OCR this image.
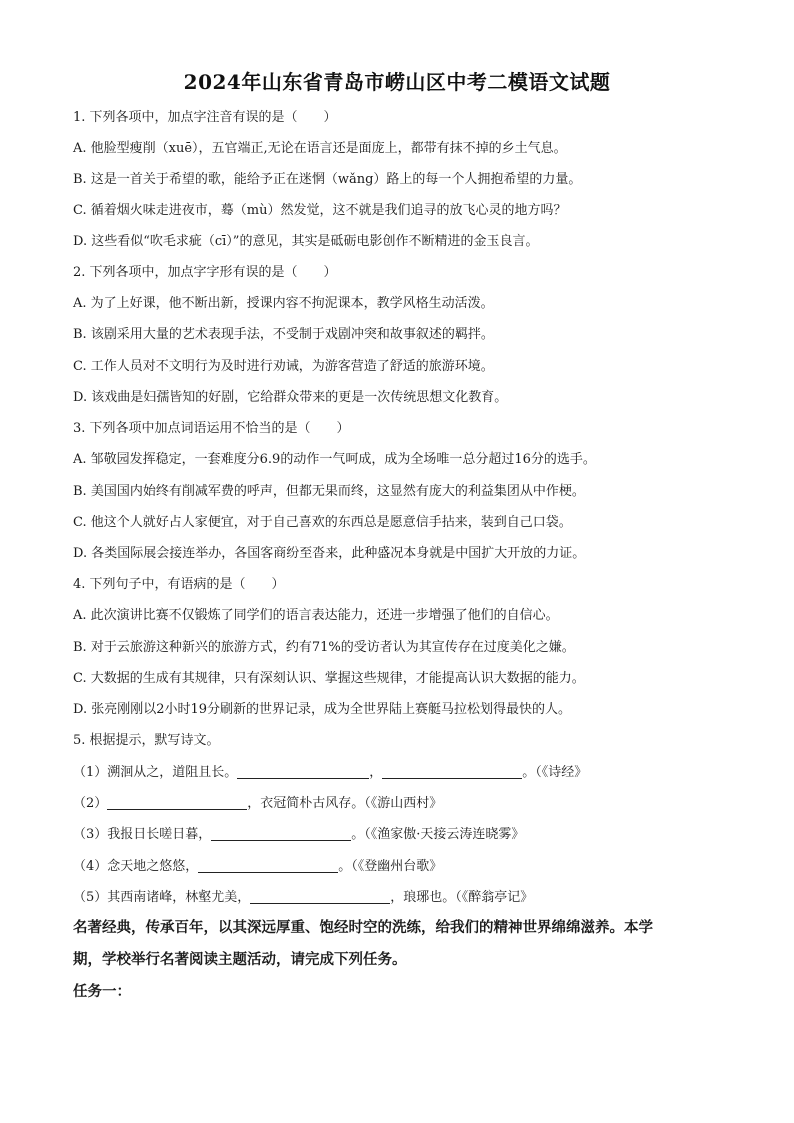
2024年山东省青岛市崂山区中考二模语文试题
1. 下列各项中，加点字注音有误的是（　　）
A. 他脸型瘦削（xuē），五官端正,无论在语言还是面庞上，都带有抹不掉的乡土气息。
B. 这是一首关于希望的歌，能给予正在迷惘（wǎng）路上的每一个人拥抱希望的力量。
C. 循着烟火味走进夜市，蓦（mù）然发觉，这不就是我们追寻的放飞心灵的地方吗？
D. 这些看似“吹毛求疵（cī）”的意见，其实是砥砺电影创作不断精进的金玉良言。
2. 下列各项中，加点字字形有误的是（　　）
A. 为了上好课，他不断出新，授课内容不拘泥课本，教学风格生动活泼。
B. 该剧采用大量的艺术表现手法，不受制于戏剧冲突和故事叙述的羁拌。
C. 工作人员对不文明行为及时进行劝诫，为游客营造了舒适的旅游环境。
D. 该戏曲是妇孺皆知的好剧，它给群众带来的更是一次传统思想文化教育。
3. 下列各项中加点词语运用不恰当的是（　　）
A. 邹敬园发挥稳定，一套难度分6.9的动作一气呵成，成为全场唯一总分超过16分的选手。
B. 美国国内始终有削减军费的呼声，但都无果而终，这显然有庞大的利益集团从中作梗。
C. 他这个人就好占人家便宜，对于自己喜欢的东西总是愿意信手拈来，装到自己口袋。
D. 各类国际展会接连举办，各国客商纷至沓来，此种盛况本身就是中国扩大开放的力证。
4. 下列句子中，有语病的是（　　）
A. 此次演讲比赛不仅锻炼了同学们的语言表达能力，还进一步增强了他们的自信心。
B. 对于云旅游这种新兴的旅游方式，约有71%的受访者认为其宣传存在过度美化之嫌。
C. 大数据的生成有其规律，只有深刻认识、掌握这些规律，才能提高认识大数据的能力。
D. 张亮刚刚以2小时19分刷新的世界记录，成为全世界陆上赛艇马拉松划得最快的人。
5. 根据提示，默写诗文。
（1）溯洄从之，道阻且长。	，	。（《诗经》
（2）	，衣冠简朴古风存。（《游山西村》
（3）我报日长嗟日暮，	。（《渔家傲·天接云涛连晓雾》
（4）念天地之悠悠，	。（《登幽州台歌》
（5）其西南诸峰，林壑尤美，	，琅琊也。（《醉翁亭记》
名著经典，传承百年，以其深远厚重、饱经时空的洗练，给我们的精神世界绵绵滋养。本学
期，学校举行名著阅读主题活动，请完成下列任务。
任务一：
